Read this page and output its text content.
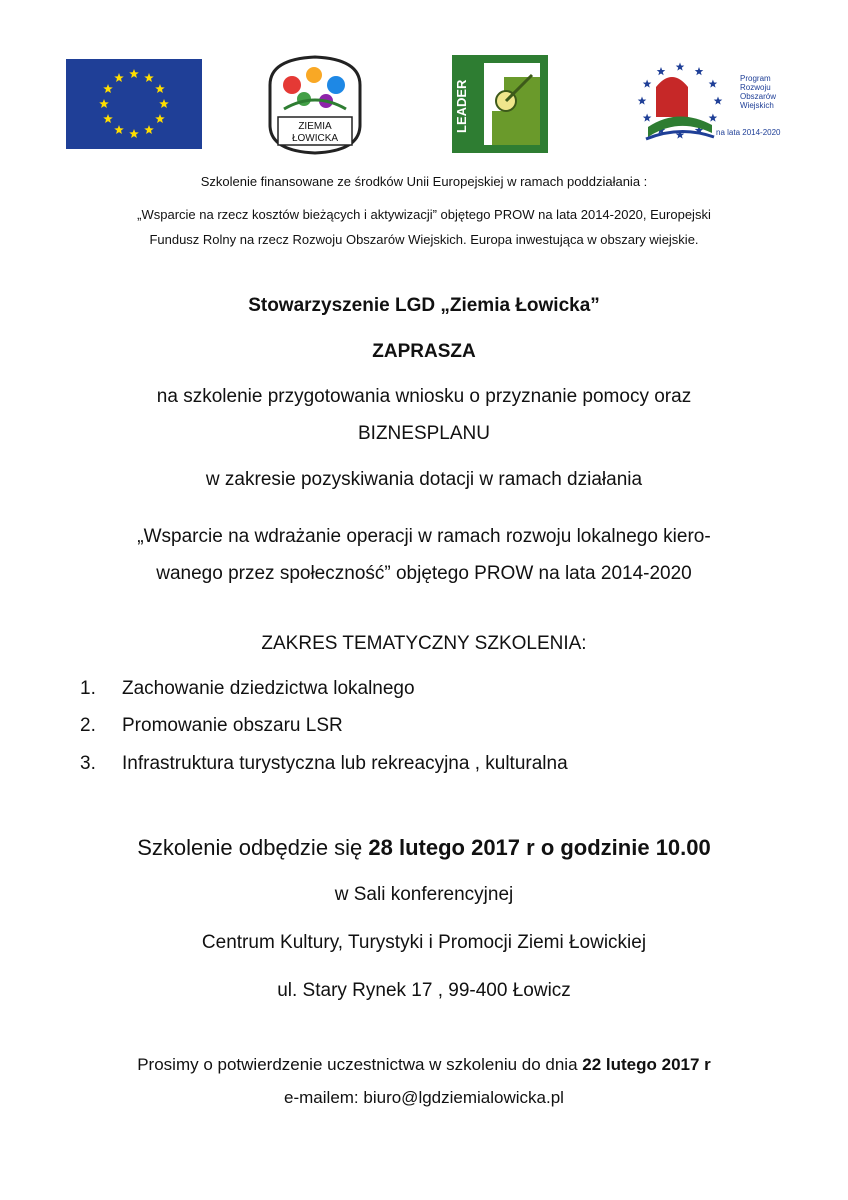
ZIEMIA
ŁOWICKA
LEADER
Program
Rozwoju
Obszarów
Wiejskich
na lata 2014-2020
Szkolenie finansowane ze środków Unii Europejskiej w ramach poddziałania :
„Wsparcie na rzecz kosztów bieżących i aktywizacji” objętego PROW na lata 2014-2020, Europejski
Fundusz Rolny na rzecz Rozwoju Obszarów Wiejskich. Europa inwestująca w obszary wiejskie.
Stowarzyszenie LGD „Ziemia Łowicka”
ZAPRASZA
na szkolenie przygotowania wniosku o przyznanie pomocy oraz
BIZNESPLANU
w zakresie pozyskiwania dotacji w ramach działania
„Wsparcie na wdrażanie operacji w ramach rozwoju lokalnego kiero-
wanego przez społeczność” objętego PROW na lata 2014-2020
ZAKRES TEMATYCZNY SZKOLENIA:
1. Zachowanie dziedzictwa lokalnego
2. Promowanie obszaru LSR
3. Infrastruktura turystyczna lub rekreacyjna , kulturalna
Szkolenie odbędzie się 28 lutego 2017 r o godzinie 10.00
w Sali konferencyjnej
Centrum Kultury, Turystyki i Promocji Ziemi Łowickiej
ul. Stary Rynek 17 , 99-400 Łowicz
Prosimy o potwierdzenie uczestnictwa w szkoleniu do dnia 22 lutego 2017 r
e-mailem: biuro@lgdziemialowicka.pl
